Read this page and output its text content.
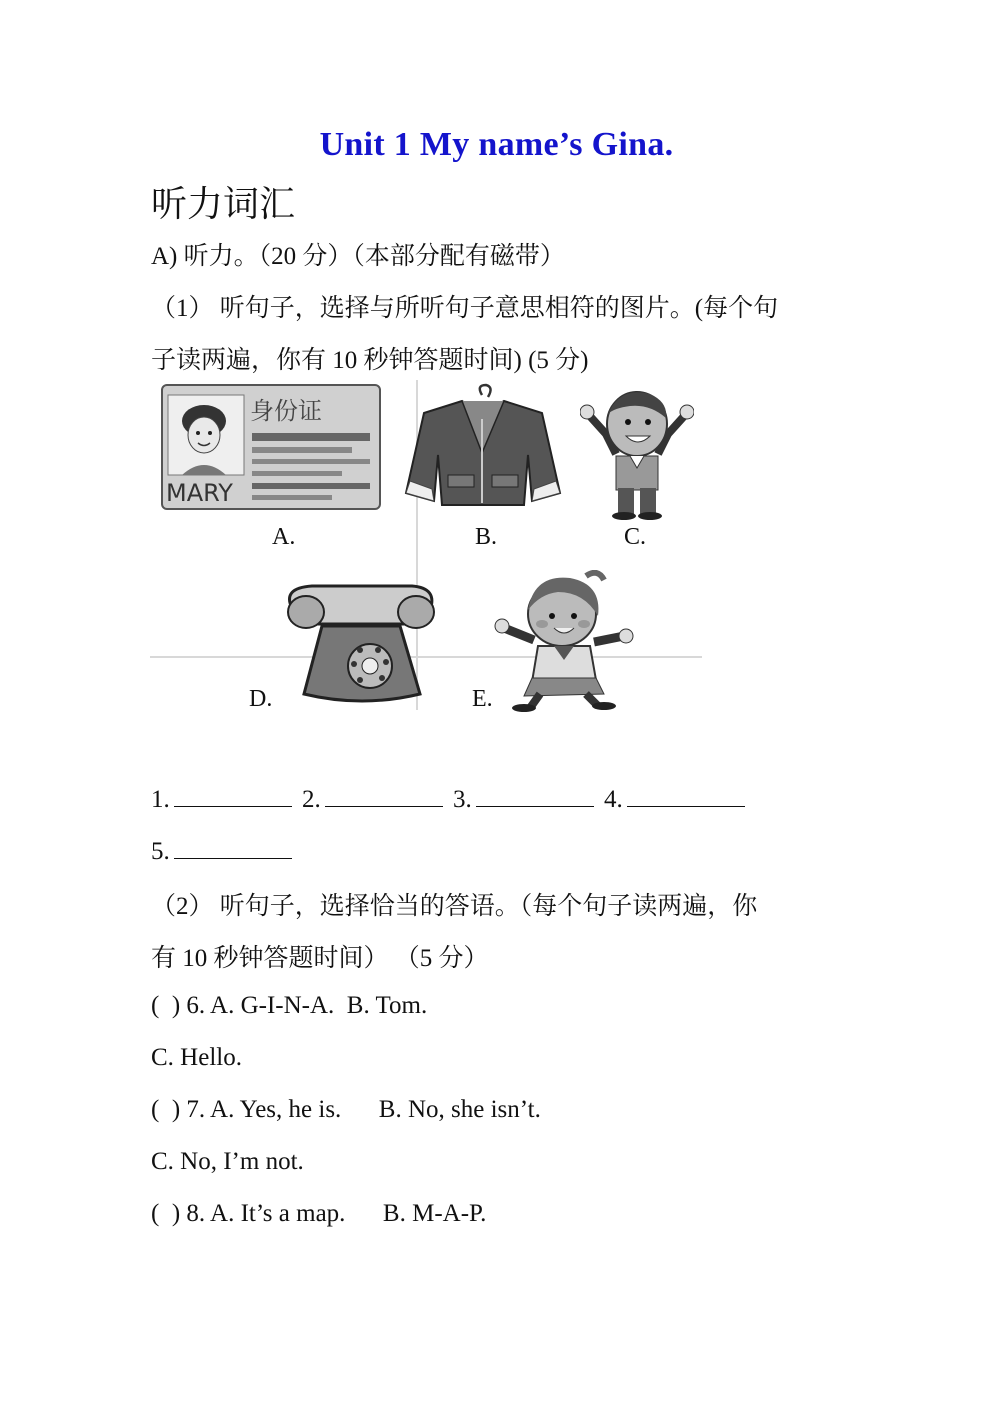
Unit 1 My name’s Gina.
听力词汇
A) 听力。（20 分）（本部分配有磁带）
（1） 听句子，选择与所听句子意思相符的图片。(每个句
子读两遍，你有 10 秒钟答题时间) (5 分)
身份证
MARY
A.	B.	C.
D.	E.
1.	2.	3.	4.
5.
（2） 听句子，选择恰当的答语。（每个句子读两遍，你
有 10 秒钟答题时间） （5 分）
(  ) 6. A. G-I-N-A.  B. Tom.
C. Hello.
(  ) 7. A. Yes, he is.      B. No, she isn’t.
C. No, I’m not.
(  ) 8. A. It’s a map.      B. M-A-P.
